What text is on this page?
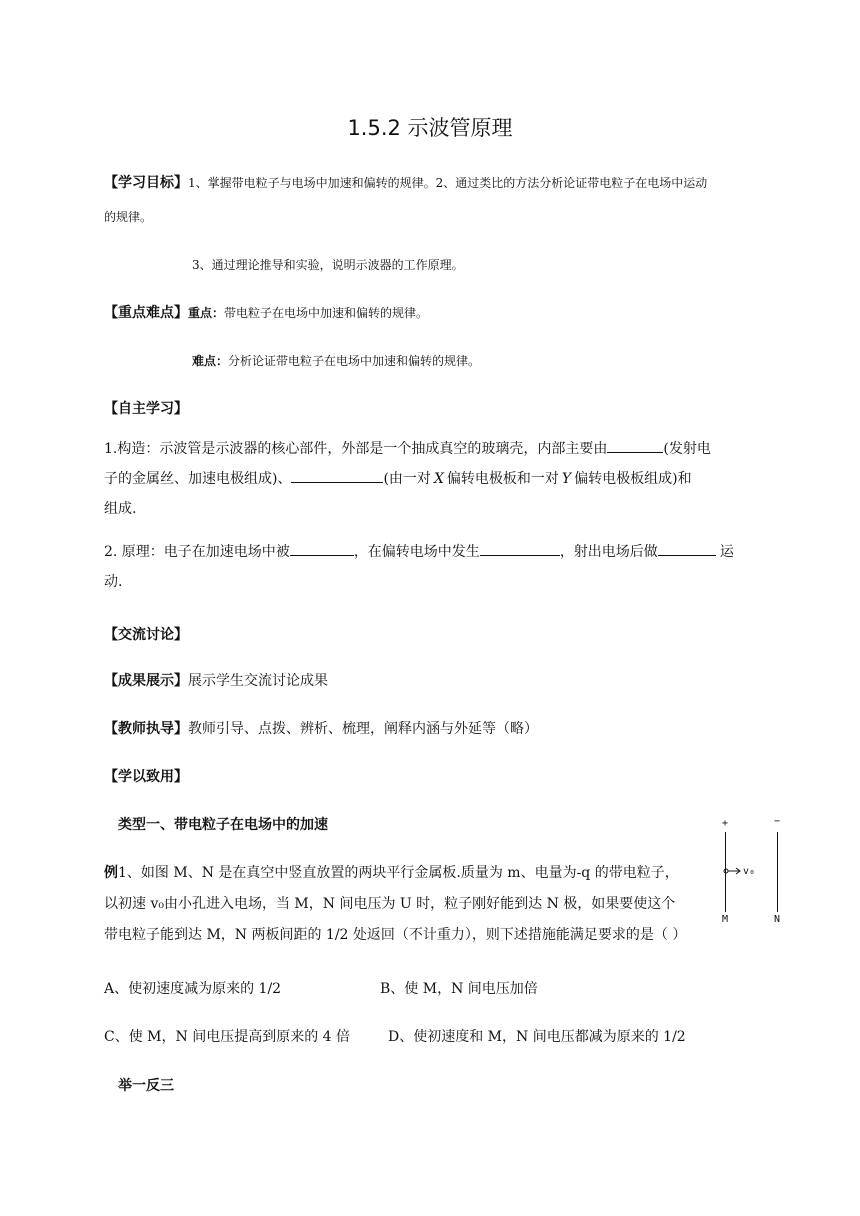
1.5.2 示波管原理
【学习目标】1、掌握带电粒子与电场中加速和偏转的规律。2、通过类比的方法分析论证带电粒子在电场中运动
的规律。
3、通过理论推导和实验，说明示波器的工作原理。
【重点难点】重点：带电粒子在电场中加速和偏转的规律。
难点：分析论证带电粒子在电场中加速和偏转的规律。
【自主学习】
1.构造：示波管是示波器的核心部件，外部是一个抽成真空的玻璃壳，内部主要由	(发射电
子的金属丝、加速电极组成)、	(由一对 X 偏转电极板和一对 Y 偏转电极板组成)和
组成.
2. 原理：电子在加速电场中被	，在偏转电场中发生	，射出电场后做	运
动.
【交流讨论】
【成果展示】展示学生交流讨论成果
【教师执导】教师引导、点拨、辨析、梳理，阐释内涵与外延等（略）
【学以致用】
类型一、带电粒子在电场中的加速
例1、如图 M、N 是在真空中竖直放置的两块平行金属板.质量为 m、电量为-q 的带电粒子，
以初速 v₀由小孔进入电场，当 M，N 间电压为 U 时，粒子刚好能到达 N 极，如果要使这个
带电粒子能到达 M，N 两板间距的 1/2 处返回（不计重力），则下述措施能满足要求的是（ ）
A、使初速度减为原来的 1/2	B、使 M，N 间电压加倍
C、使 M，N 间电压提高到原来的 4 倍	D、使初速度和 M，N 间电压都减为原来的 1/2
+	−
v₀
M	N
举一反三
